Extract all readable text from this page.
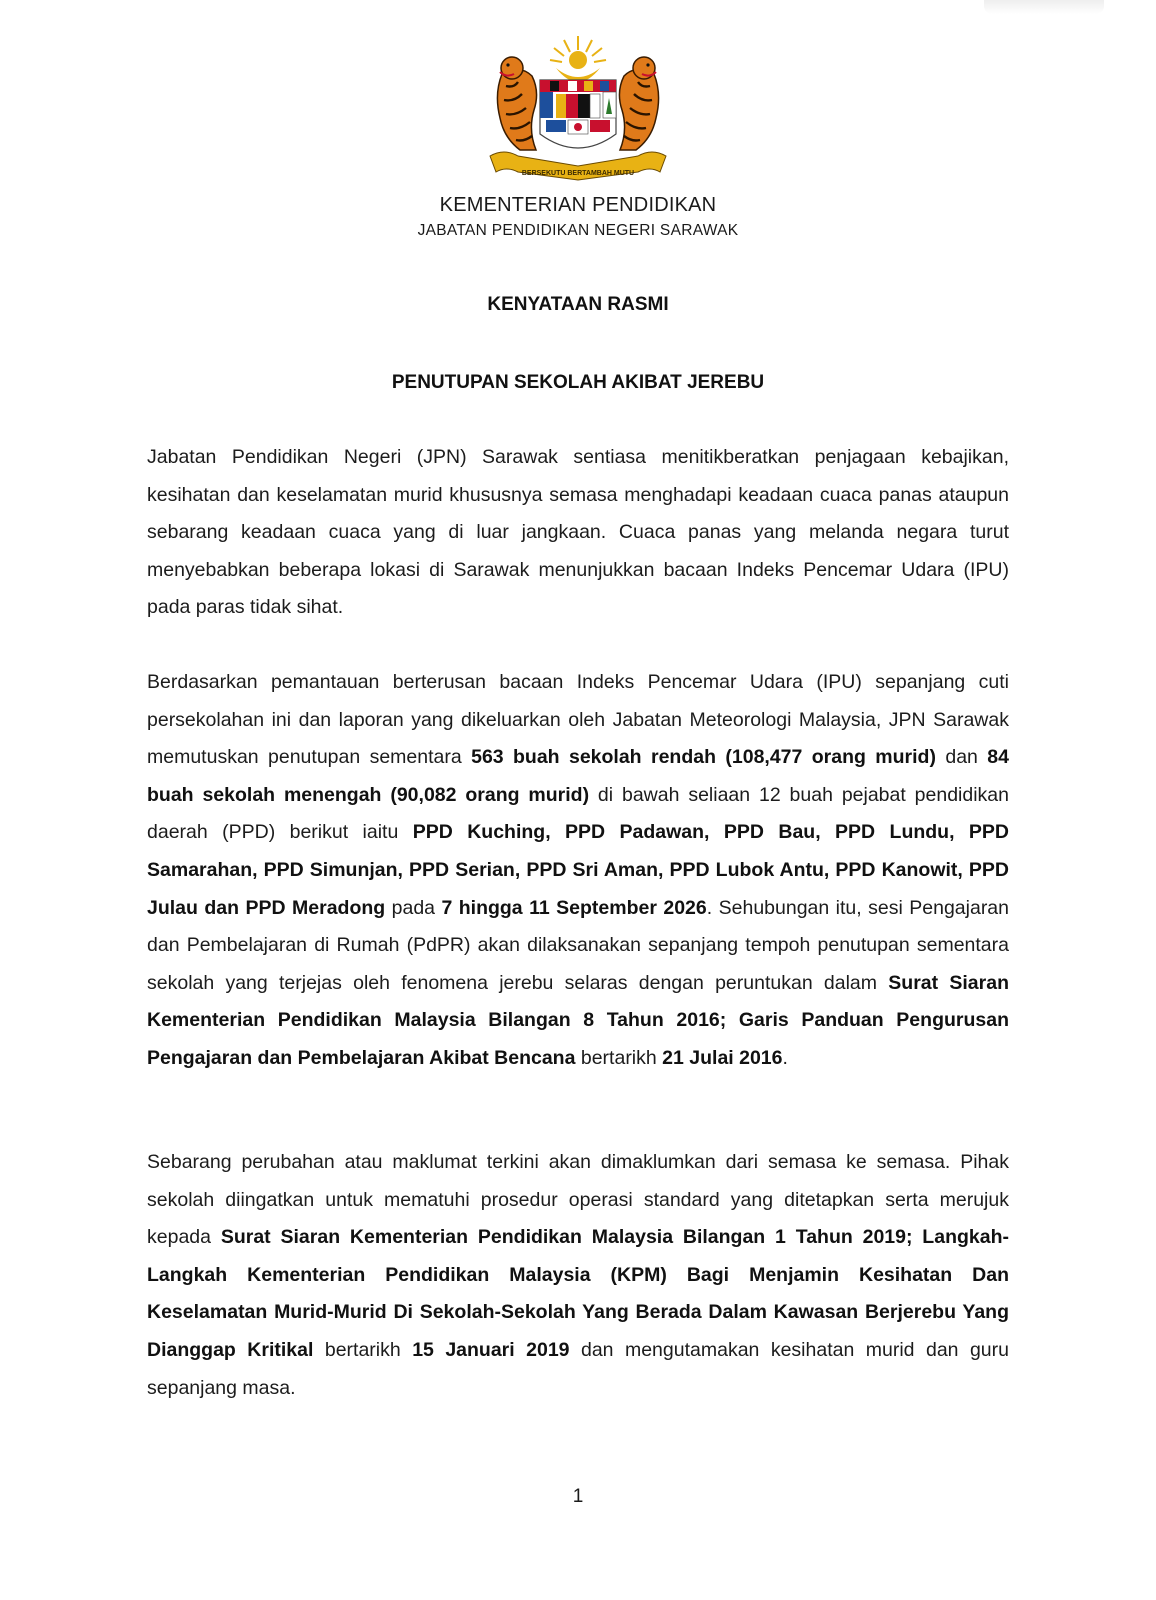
BERSEKUTU BERTAMBAH MUTU
KEMENTERIAN PENDIDIKAN
JABATAN PENDIDIKAN NEGERI SARAWAK
KENYATAAN RASMI
PENUTUPAN SEKOLAH AKIBAT JEREBU

Jabatan Pendidikan Negeri (JPN) Sarawak sentiasa menitikberatkan penjagaan kebajikan, kesihatan dan keselamatan murid khususnya semasa menghadapi keadaan cuaca panas ataupun sebarang keadaan cuaca yang di luar jangkaan. Cuaca panas yang melanda negara turut menyebabkan beberapa lokasi di Sarawak menunjukkan bacaan Indeks Pencemar Udara (IPU) pada paras tidak sihat.

Berdasarkan pemantauan berterusan bacaan Indeks Pencemar Udara (IPU) sepanjang cuti persekolahan ini dan laporan yang dikeluarkan oleh Jabatan Meteorologi Malaysia, JPN Sarawak memutuskan penutupan sementara 563 buah sekolah rendah (108,477 orang murid) dan 84 buah sekolah menengah (90,082 orang murid) di bawah seliaan 12 buah pejabat pendidikan daerah (PPD) berikut iaitu PPD Kuching, PPD Padawan, PPD Bau, PPD Lundu, PPD Samarahan, PPD Simunjan, PPD Serian, PPD Sri Aman, PPD Lubok Antu, PPD Kanowit, PPD Julau dan PPD Meradong pada 7 hingga 11 September 2026. Sehubungan itu, sesi Pengajaran dan Pembelajaran di Rumah (PdPR) akan dilaksanakan sepanjang tempoh penutupan sementara sekolah yang terjejas oleh fenomena jerebu selaras dengan peruntukan dalam Surat Siaran Kementerian Pendidikan Malaysia Bilangan 8 Tahun 2016; Garis Panduan Pengurusan Pengajaran dan Pembelajaran Akibat Bencana bertarikh 21 Julai 2016.

Sebarang perubahan atau maklumat terkini akan dimaklumkan dari semasa ke semasa. Pihak sekolah diingatkan untuk mematuhi prosedur operasi standard yang ditetapkan serta merujuk kepada Surat Siaran Kementerian Pendidikan Malaysia Bilangan 1 Tahun 2019; Langkah-Langkah Kementerian Pendidikan Malaysia (KPM) Bagi Menjamin Kesihatan Dan Keselamatan Murid-Murid Di Sekolah-Sekolah Yang Berada Dalam Kawasan Berjerebu Yang Dianggap Kritikal bertarikh 15 Januari 2019 dan mengutamakan kesihatan murid dan guru sepanjang masa.

1
